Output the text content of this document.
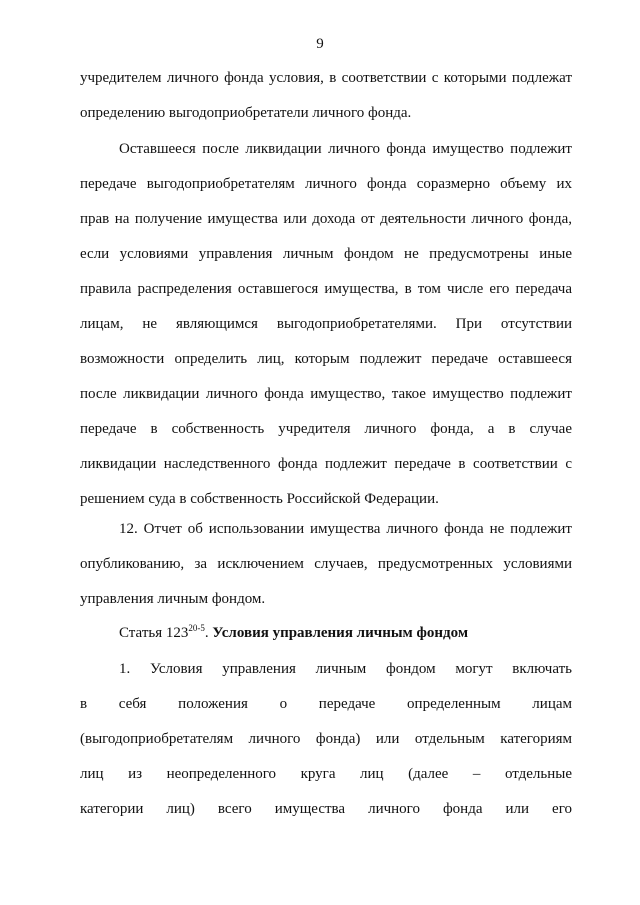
9
учредителем личного фонда условия, в соответствии с которыми подлежат
определению выгодоприобретатели личного фонда.
Оставшееся после ликвидации личного фонда имущество подлежит
передаче выгодоприобретателям личного фонда соразмерно объему их
прав на получение имущества или дохода от деятельности личного фонда,
если условиями управления личным фондом не предусмотрены иные
правила распределения оставшегося имущества, в том числе его передача
лицам, не являющимся выгодоприобретателями. При отсутствии
возможности определить лиц, которым подлежит передаче оставшееся
после ликвидации личного фонда имущество, такое имущество подлежит
передаче в собственность учредителя личного фонда, а в случае
ликвидации наследственного фонда подлежит передаче в соответствии с
решением суда в собственность Российской Федерации.
12. Отчет об использовании имущества личного фонда не подлежит
опубликованию, за исключением случаев, предусмотренных условиями
управления личным фондом.
Статья 123$^{20-5}$. Условия управления личным фондом
1. Условия управления личным фондом могут включать
в себя положения о передаче определенным лицам
(выгодоприобретателям личного фонда) или отдельным категориям
лиц из неопределенного круга лиц (далее – отдельные
категории лиц) всего имущества личного фонда или его
